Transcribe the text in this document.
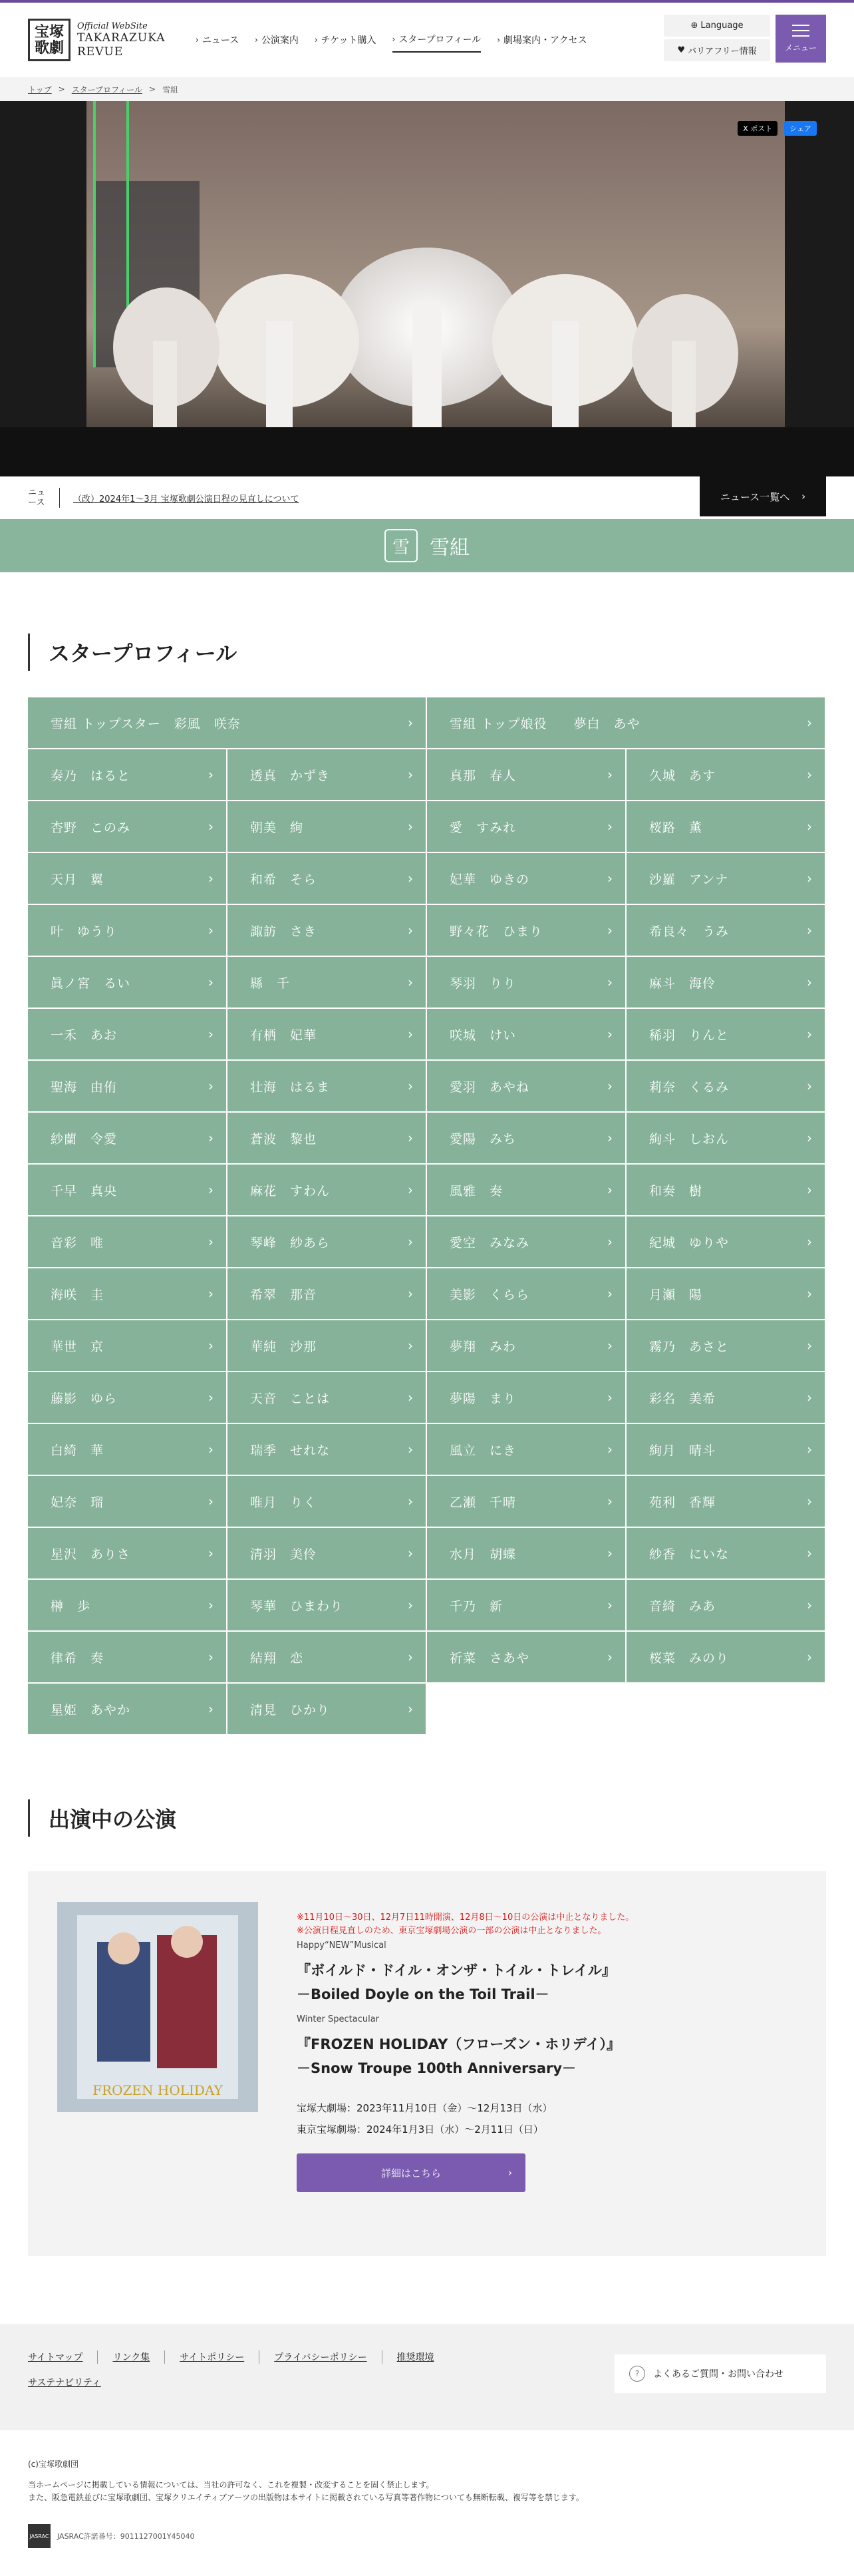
宝塚歌劇
Official WebSite
TAKARAZUKA REVUE
› ニュース › 公演案内 › チケット購入 › スタープロフィール › 劇場案内・アクセス
⊕ Language
♥ バリアフリー情報	メニュー
トップ > スタープロフィール > 雪組
X ポスト	シェア
ニュース	（改）2024年1～3月 宝塚歌劇公演日程の見直しについて	ニュース一覧へ ›
雪	雪組
スタープロフィール
雪組 トップスター　彩風　咲奈	›	雪組 トップ娘役　　夢白　あや	›
奏乃　はると	›	透真　かずき	›	真那　春人	›	久城　あす	›
杏野　このみ	›	朝美　絢	›	愛　すみれ	›	桜路　薫	›
天月　翼	›	和希　そら	›	妃華　ゆきの	›	沙羅　アンナ	›
叶　ゆうり	›	諏訪　さき	›	野々花　ひまり	›	希良々　うみ	›
眞ノ宮　るい	›	縣　千	›	琴羽　りり	›	麻斗　海伶	›
一禾　あお	›	有栖　妃華	›	咲城　けい	›	稀羽　りんと	›
聖海　由侑	›	壮海　はるま	›	愛羽　あやね	›	莉奈　くるみ	›
紗蘭　令愛	›	蒼波　黎也	›	愛陽　みち	›	絢斗　しおん	›
千早　真央	›	麻花　すわん	›	風雅　奏	›	和奏　樹	›
音彩　唯	›	琴峰　紗あら	›	愛空　みなみ	›	紀城　ゆりや	›
海咲　圭	›	希翠　那音	›	美影　くらら	›	月瀬　陽	›
華世　京	›	華純　沙那	›	夢翔　みわ	›	霧乃　あさと	›
藤影　ゆら	›	天音　ことは	›	夢陽　まり	›	彩名　美希	›
白綺　華	›	瑞季　せれな	›	風立　にき	›	絢月　晴斗	›
妃奈　瑠	›	唯月　りく	›	乙瀬　千晴	›	苑利　香輝	›
星沢　ありさ	›	清羽　美伶	›	水月　胡蝶	›	紗香　にいな	›
榊　歩	›	琴華　ひまわり	›	千乃　新	›	音綺　みあ	›
律希　奏	›	結翔　恋	›	祈菜　さあや	›	桜菜　みのり	›
星姫　あやか	›	清見　ひかり	›
出演中の公演
FROZEN HOLIDAY
※11月10日～30日、12月7日11時開演、12月8日～10日の公演は中止となりました。
※公演日程見直しのため、東京宝塚劇場公演の一部の公演は中止となりました。
Happy“NEW”Musical
『ボイルド・ドイル・オンザ・トイル・トレイル』
－Boiled Doyle on the Toil Trail－
Winter Spectacular
『FROZEN HOLIDAY（フローズン・ホリデイ）』
－Snow Troupe 100th Anniversary－
宝塚大劇場：2023年11月10日（金）～12月13日（水）
東京宝塚劇場：2024年1月3日（水）～2月11日（日）
詳細はこちら	›
サイトマップ	リンク集	サイトポリシー	プライバシーポリシー	推奨環境
サステナビリティ
?	よくあるご質問・お問い合わせ
(c)宝塚歌劇団
当ホームページに掲載している情報については、当社の許可なく、これを複製・改変することを固く禁止します。
また、阪急電鉄並びに宝塚歌劇団、宝塚クリエイティブアーツの出版物は本サイトに掲載されている写真等著作物についても無断転載、複写等を禁じます。
JASRAC JASRAC許諾番号：9011127001Y45040
